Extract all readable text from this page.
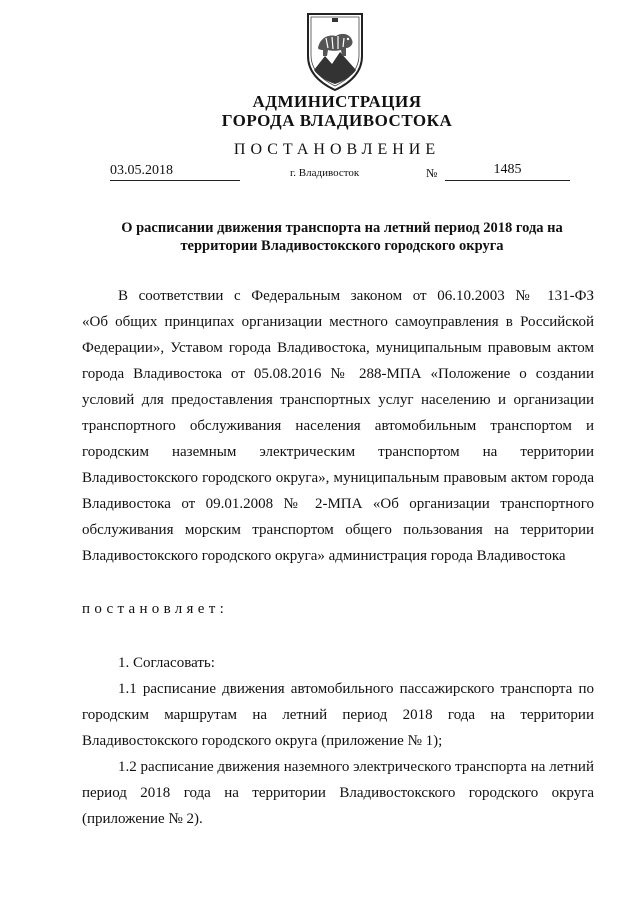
АДМИНИСТРАЦИЯ
ГОРОДА ВЛАДИВОСТОКА
ПОСТАНОВЛЕНИЕ
03.05.2018	г. Владивосток	№	1485
О расписании движения транспорта на летний период 2018 года на
территории Владивостокского городского округа
В соответствии с Федеральным законом от 06.10.2003 № 131-ФЗ
«Об общих принципах организации местного самоуправления в Российской
Федерации», Уставом города Владивостока, муниципальным правовым актом
города Владивостока от 05.08.2016 № 288-МПА «Положение о создании
условий для предоставления транспортных услуг населению и организации
транспортного обслуживания населения автомобильным транспортом и
городским наземным электрическим транспортом на территории
Владивостокского городского округа», муниципальным правовым актом города
Владивостока от 09.01.2008 № 2-МПА «Об организации транспортного
обслуживания морским транспортом общего пользования на территории
Владивостокского городского округа» администрация города Владивостока
постановляет:
1. Согласовать:
1.1 расписание движения автомобильного пассажирского транспорта по
городским маршрутам на летний период 2018 года на территории
Владивостокского городского округа (приложение № 1);
1.2 расписание движения наземного электрического транспорта на летний
период 2018 года на территории Владивостокского городского округа
(приложение № 2).
